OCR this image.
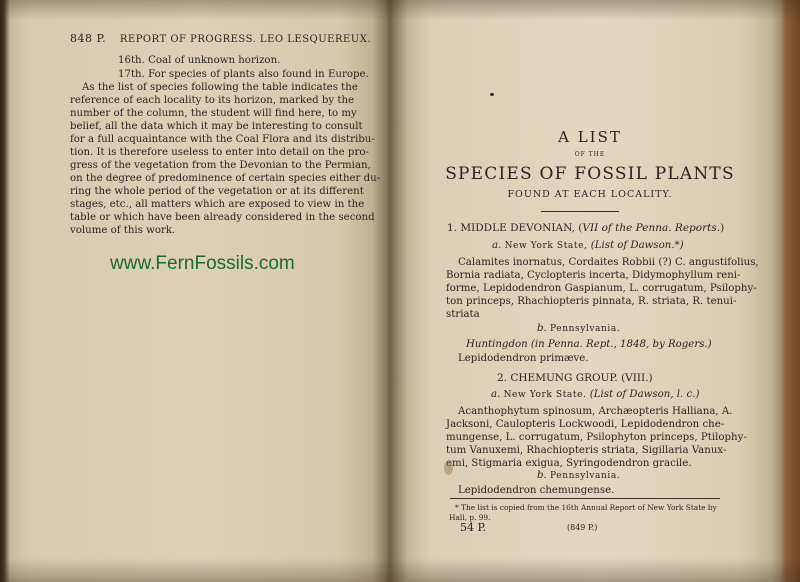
848 P. REPORT OF PROGRESS. LEO LESQUEREUX.
16th. Coal of unknown horizon.
17th. For species of plants also found in Europe.
As the list of species following the table indicates the
reference of each locality to its horizon, marked by the
number of the column, the student will find here, to my
belief, all the data which it may be interesting to consult
for a full acquaintance with the Coal Flora and its distribu-
tion. It is therefore useless to enter into detail on the pro-
gress of the vegetation from the Devonian to the Permian,
on the degree of predominence of certain species either du-
ring the whole period of the vegetation or at its different
stages, etc., all matters which are exposed to view in the
table or which have been already considered in the second
volume of this work.
www.FernFossils.com
A LIST
OF THE
SPECIES OF FOSSIL PLANTS
FOUND AT EACH LOCALITY.
1. MIDDLE DEVONIAN, (VII of the Penna. Reports.)
a. New York State, (List of Dawson.*)
Calamites inornatus, Cordaites Robbii (?) C. angustifolius,
Bornia radiata, Cyclopteris incerta, Didymophyllum reni-
forme, Lepidodendron Gaspianum, L. corrugatum, Psilophy-
ton princeps, Rhachiopteris pinnata, R. striata, R. tenui-
striata
b. Pennsylvania.
Huntingdon (in Penna. Rept., 1848, by Rogers.)
Lepidodendron primæve.
2. CHEMUNG GROUP. (VIII.)
a. New York State. (List of Dawson, l. c.)
Acanthophytum spinosum, Archæopteris Halliana, A.
Jacksoni, Caulopteris Lockwoodi, Lepidodendron che-
mungense, L. corrugatum, Psilophyton princeps, Ptilophy-
tum Vanuxemi, Rhachiopteris striata, Sigillaria Vanux-
emi, Stigmaria exigua, Syringodendron gracile.
b. Pennsylvania.
Lepidodendron chemungense.
* The list is copied from the 16th Annual Report of New York State by
Hall, p. 99.
54 P.	(849 P.)
